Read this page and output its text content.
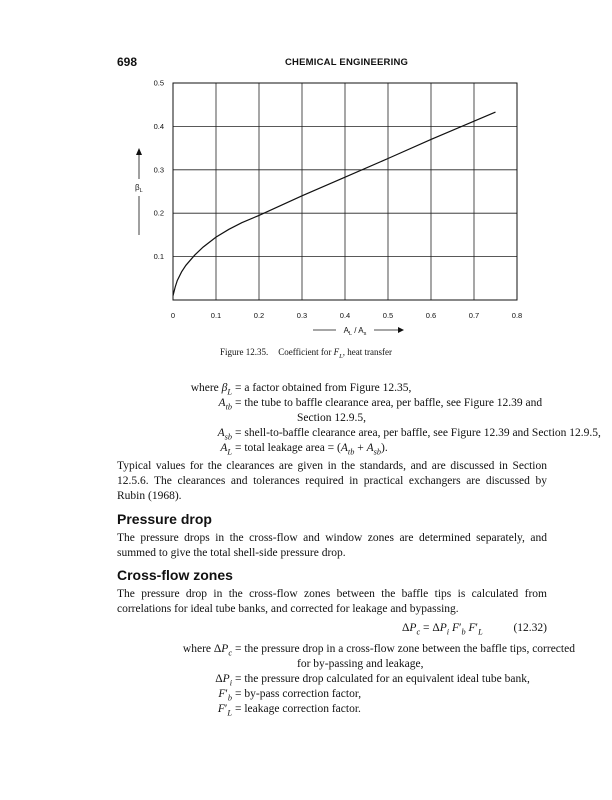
698	CHEMICAL ENGINEERING
0	0.1	0.2	0.3	0.4	0.5	0.6	0.7	0.8
0.1
0.2
0.3
0.4
0.5
$A_L / A_s$
$\beta_L$
Figure 12.35. Coefficient for $F_L$, heat transfer
where $\beta_L = a$ factor obtained from Figure 12.35,
$A_{tb}$ = the tube to baffle clearance area, per baffle, see Figure 12.39 and
Section 12.9.5,
$A_{sb}$ = shell-to-baffle clearance area, per baffle, see Figure 12.39 and Section 12.9.5,
$A_L$ = total leakage area = $(A_{tb} + A_{sb})$.
Typical values for the clearances are given in the standards, and are discussed in Section 12.5.6. The clearances and tolerances required in practical exchangers are discussed by Rubin (1968).
Pressure drop
The pressure drops in the cross-flow and window zones are determined separately, and summed to give the total shell-side pressure drop.
Cross-flow zones
The pressure drop in the cross-flow zones between the baffle tips is calculated from correlations for ideal tube banks, and corrected for leakage and bypassing.
$\Delta P_c = \Delta P_i$ $F'_b$ $F'_L$	(12.32)
where $\Delta P_c$ = the pressure drop in a cross-flow zone between the baffle tips, corrected
for by-passing and leakage,
$\Delta P_i$ = the pressure drop calculated for an equivalent ideal tube bank,
$F'_b$ = by-pass correction factor,
$F'_L$ = leakage correction factor.
